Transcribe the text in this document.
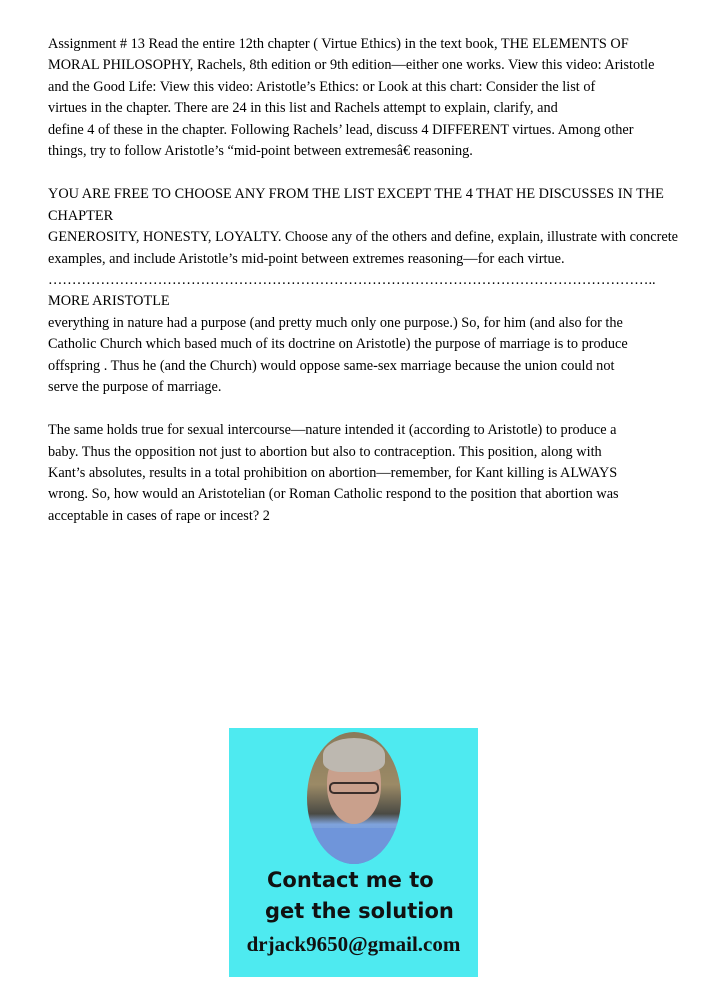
Assignment # 13 Read the entire 12th chapter ( Virtue Ethics) in the text book, THE ELEMENTS OF
MORAL PHILOSOPHY, Rachels, 8th edition or 9th edition—either one works. View this video: Aristotle
and the Good Life: View this video: Aristotle’s Ethics: or Look at this chart: Consider the list of
virtues in the chapter. There are 24 in this list and Rachels attempt to explain, clarify, and
define 4 of these in the chapter. Following Rachels’ lead, discuss 4 DIFFERENT virtues. Among other
things, try to follow Aristotle’s “mid-point between extremesâ€ reasoning.
YOU ARE FREE TO CHOOSE ANY FROM THE LIST EXCEPT THE 4 THAT HE DISCUSSES IN THE CHAPTER
GENEROSITY, HONESTY, LOYALTY. Choose any of the others and define, explain, illustrate with concrete
examples, and include Aristotle’s mid-point between extremes reasoning—for each virtue.
……………………………………………………………………………………………………………….. MORE ARISTOTLE
everything in nature had a purpose (and pretty much only one purpose.) So, for him (and also for the
Catholic Church which based much of its doctrine on Aristotle) the purpose of marriage is to produce
offspring . Thus he (and the Church) would oppose same-sex marriage because the union could not
serve the purpose of marriage.
The same holds true for sexual intercourse—nature intended it (according to Aristotle) to produce a
baby. Thus the opposition not just to abortion but also to contraception. This position, along with
Kant’s absolutes, results in a total prohibition on abortion—remember, for Kant killing is ALWAYS
wrong. So, how would an Aristotelian (or Roman Catholic respond to the position that abortion was
acceptable in cases of rape or incest? 2
Contact me to
get the solution
drjack9650@gmail.com
